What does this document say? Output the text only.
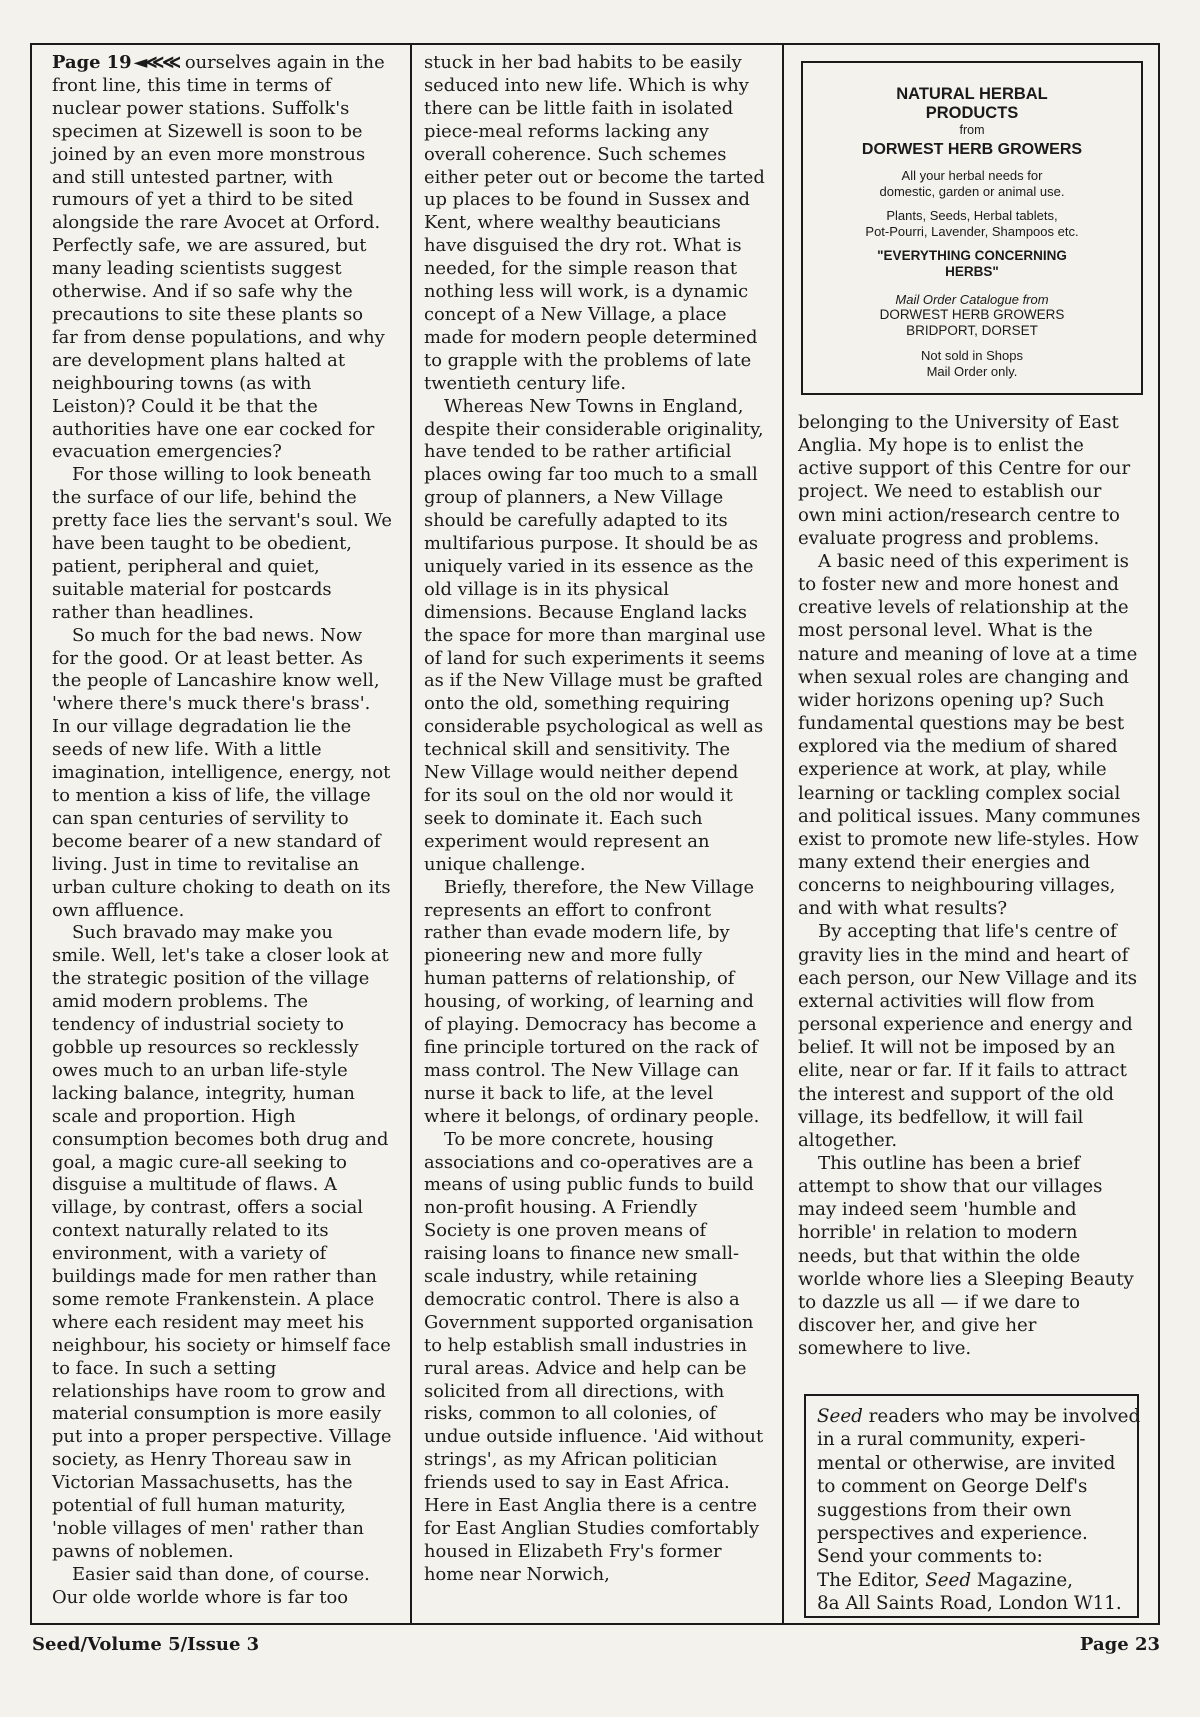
Page 19 ◄≪≪ ourselves again in the front line, this time in terms of nuclear power stations. Suffolk's specimen at Sizewell is soon to be joined by an even more monstrous and still untested partner, with rumours of yet a third to be sited alongside the rare Avocet at Orford. Perfectly safe, we are assured, but many leading scientists suggest otherwise. And if so safe why the precautions to site these plants so far from dense populations, and why are development plans halted at neighbouring towns (as with Leiston)? Could it be that the authorities have one ear cocked for evacuation emergencies?

For those willing to look beneath the surface of our life, behind the pretty face lies the servant's soul. We have been taught to be obedient, patient, peripheral and quiet, suitable material for postcards rather than headlines.

So much for the bad news. Now for the good. Or at least better. As the people of Lancashire know well, 'where there's muck there's brass'. In our village degradation lie the seeds of new life. With a little imagination, intelligence, energy, not to mention a kiss of life, the village can span centuries of servility to become bearer of a new standard of living. Just in time to revitalise an urban culture choking to death on its own affluence.

Such bravado may make you smile. Well, let's take a closer look at the strategic position of the village amid modern problems. The tendency of industrial society to gobble up resources so recklessly owes much to an urban life-style lacking balance, integrity, human scale and proportion. High consumption becomes both drug and goal, a magic cure-all seeking to disguise a multitude of flaws. A village, by contrast, offers a social context naturally related to its environment, with a variety of buildings made for men rather than some remote Frankenstein. A place where each resident may meet his neighbour, his society or himself face to face. In such a setting relationships have room to grow and material consumption is more easily put into a proper perspective. Village society, as Henry Thoreau saw in Victorian Massachusetts, has the potential of full human maturity, 'noble villages of men' rather than pawns of noblemen.

Easier said than done, of course. Our olde worlde whore is far too

stuck in her bad habits to be easily seduced into new life. Which is why there can be little faith in isolated piece-meal reforms lacking any overall coherence. Such schemes either peter out or become the tarted up places to be found in Sussex and Kent, where wealthy beauticians have disguised the dry rot. What is needed, for the simple reason that nothing less will work, is a dynamic concept of a New Village, a place made for modern people determined to grapple with the problems of late twentieth century life.

Whereas New Towns in England, despite their considerable originality, have tended to be rather artificial places owing far too much to a small group of planners, a New Village should be carefully adapted to its multifarious purpose. It should be as uniquely varied in its essence as the old village is in its physical dimensions. Because England lacks the space for more than marginal use of land for such experiments it seems as if the New Village must be grafted onto the old, something requiring considerable psychological as well as technical skill and sensitivity. The New Village would neither depend for its soul on the old nor would it seek to dominate it. Each such experiment would represent an unique challenge.

Briefly, therefore, the New Village represents an effort to confront rather than evade modern life, by pioneering new and more fully human patterns of relationship, of housing, of working, of learning and of playing. Democracy has become a fine principle tortured on the rack of mass control. The New Village can nurse it back to life, at the level where it belongs, of ordinary people.

To be more concrete, housing associations and co-operatives are a means of using public funds to build non-profit housing. A Friendly Society is one proven means of raising loans to finance new small-scale industry, while retaining democratic control. There is also a Government supported organisation to help establish small industries in rural areas. Advice and help can be solicited from all directions, with risks, common to all colonies, of undue outside influence. 'Aid without strings', as my African politician friends used to say in East Africa. Here in East Anglia there is a centre for East Anglian Studies comfortably housed in Elizabeth Fry's former home near Norwich,

NATURAL HERBAL
PRODUCTS
from
DORWEST HERB GROWERS
All your herbal needs for
domestic, garden or animal use.
Plants, Seeds, Herbal tablets,
Pot-Pourri, Lavender, Shampoos etc.
"EVERYTHING CONCERNING
HERBS"
Mail Order Catalogue from
DORWEST HERB GROWERS
BRIDPORT, DORSET
Not sold in Shops
Mail Order only.

belonging to the University of East Anglia. My hope is to enlist the active support of this Centre for our project. We need to establish our own mini action/research centre to evaluate progress and problems.

A basic need of this experiment is to foster new and more honest and creative levels of relationship at the most personal level. What is the nature and meaning of love at a time when sexual roles are changing and wider horizons opening up? Such fundamental questions may be best explored via the medium of shared experience at work, at play, while learning or tackling complex social and political issues. Many communes exist to promote new life-styles. How many extend their energies and concerns to neighbouring villages, and with what results?

By accepting that life's centre of gravity lies in the mind and heart of each person, our New Village and its external activities will flow from personal experience and energy and belief. It will not be imposed by an elite, near or far. If it fails to attract the interest and support of the old village, its bedfellow, it will fail altogether.

This outline has been a brief attempt to show that our villages may indeed seem 'humble and horrible' in relation to modern needs, but that within the olde worlde whore lies a Sleeping Beauty to dazzle us all — if we dare to discover her, and give her somewhere to live.

Seed readers who may be involved
in a rural community, experi-
mental or otherwise, are invited
to comment on George Delf's
suggestions from their own
perspectives and experience.
Send your comments to:
The Editor, Seed Magazine,
8a All Saints Road, London W11.
Seed/Volume 5/Issue 3	Page 23
